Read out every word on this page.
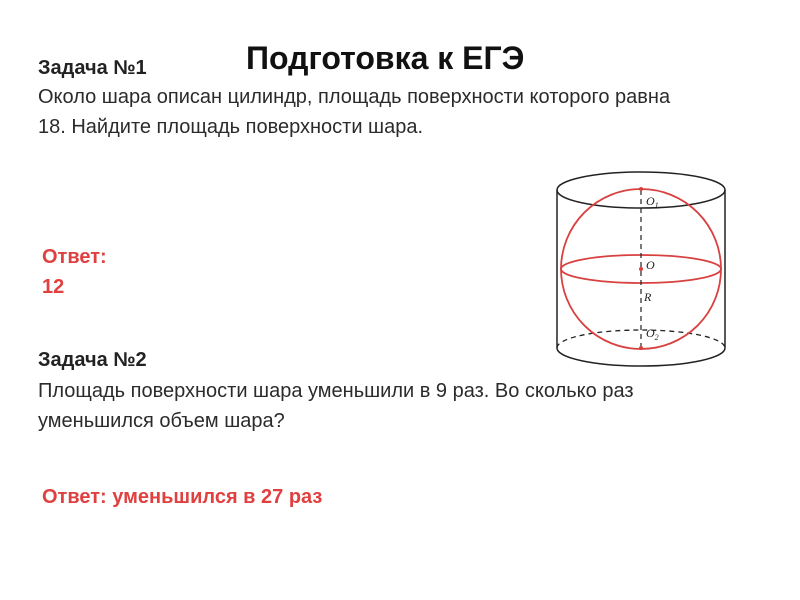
Подготовка к ЕГЭ
Задача №1
Около шара описан цилиндр, площадь поверхности которого равна 18. Найдите площадь поверхности шара.
Ответ:
12
Задача №2
Площадь поверхности шара уменьшили в 9 раз. Во сколько раз уменьшился объем шара?
Ответ: уменьшился в 27 раз
$O_1$
O
R
$O_2$
